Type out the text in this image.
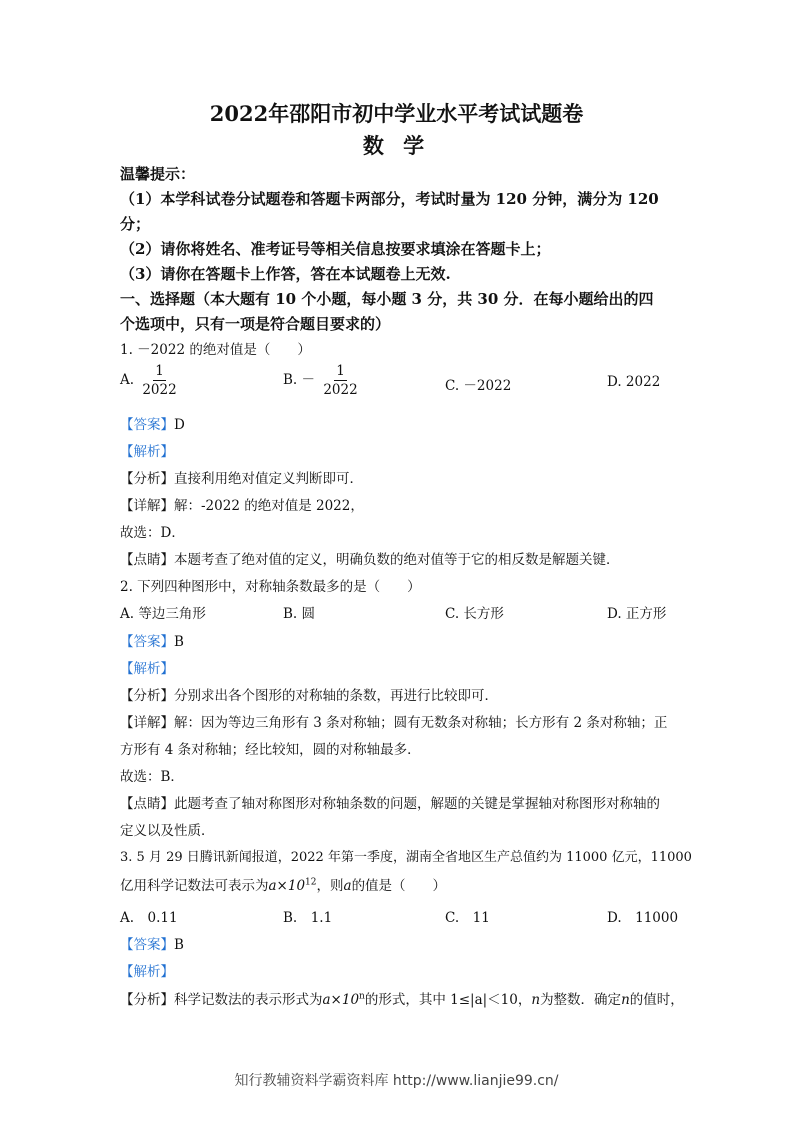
2022年邵阳市初中学业水平考试试题卷
数 学
温馨提示：
（1）本学科试卷分试题卷和答题卡两部分，考试时量为 120 分钟，满分为 120
分；
（2）请你将姓名、准考证号等相关信息按要求填涂在答题卡上；
（3）请你在答题卡上作答，答在本试题卷上无效.
一、选择题（本大题有 10 个小题，每小题 3 分，共 30 分．在每小题给出的四
个选项中，只有一项是符合题目要求的）
1. －2022 的绝对值是（　　）
A. $\frac{1}{2022}$	B. － $\frac{1}{2022}$	C. －2022	D. 2022
【答案】D
【解析】
【分析】直接利用绝对值定义判断即可．
【详解】解：-2022 的绝对值是 2022，
故选：D．
【点睛】本题考查了绝对值的定义，明确负数的绝对值等于它的相反数是解题关键．
2. 下列四种图形中，对称轴条数最多的是（　　）
A. 等边三角形	B. 圆	C. 长方形	D. 正方形
【答案】B
【解析】
【分析】分别求出各个图形的对称轴的条数，再进行比较即可．
【详解】解：因为等边三角形有 3 条对称轴；圆有无数条对称轴；长方形有 2 条对称轴；正
方形有 4 条对称轴；经比较知，圆的对称轴最多．
故选：B．
【点睛】此题考查了轴对称图形对称轴条数的问题，解题的关键是掌握轴对称图形对称轴的
定义以及性质．
3. 5 月 29 日腾讯新闻报道，2022 年第一季度，湖南全省地区生产总值约为 11000 亿元，11000
亿用科学记数法可表示为$a\times 10^{12}$，则a的值是（　　）
A.　0.11	B.　1.1	C.　11	D.　11000
【答案】B
【解析】
【分析】科学记数法的表示形式为$a\times 10^n$的形式，其中 1≤|a|＜10，n为整数．确定n的值时，
知行教辅资料学霸资料库 http://www.lianjie99.cn/
